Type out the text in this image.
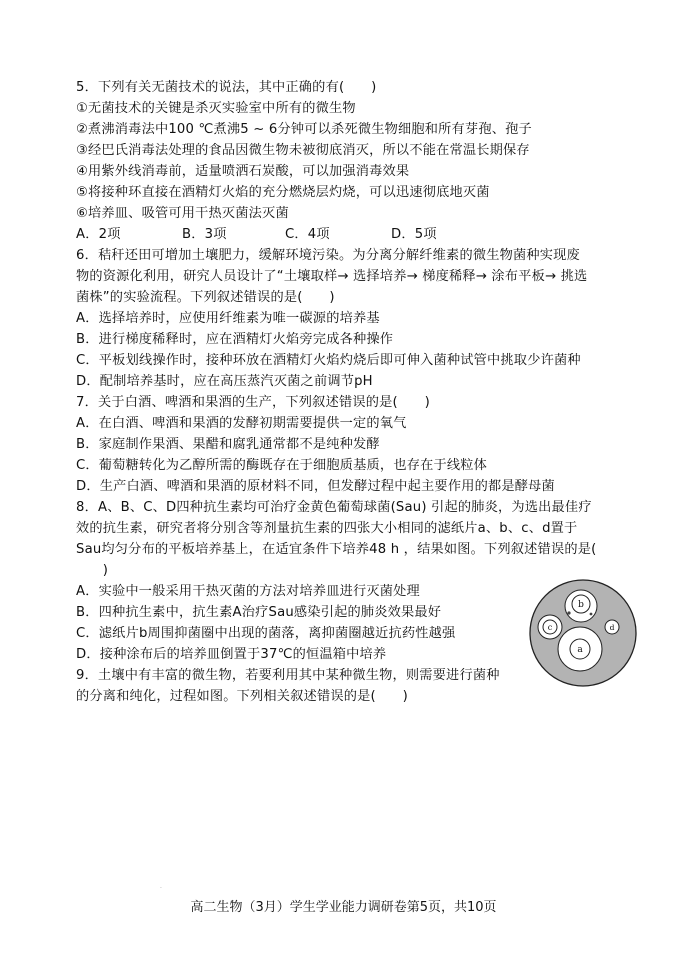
5．下列有关无菌技术的说法，其中正确的有(　　)
①无菌技术的关键是杀灭实验室中所有的微生物
②煮沸消毒法中100 ℃煮沸5 ~ 6分钟可以杀死微生物细胞和所有芽孢、孢子
③经巴氏消毒法处理的食品因微生物未被彻底消灭，所以不能在常温长期保存
④用紫外线消毒前，适量喷洒石炭酸，可以加强消毒效果
⑤将接种环直接在酒精灯火焰的充分燃烧层灼烧，可以迅速彻底地灭菌
⑥培养皿、吸管可用干热灭菌法灭菌
A．2项	B．3项	C．4项	D．5项
6．秸秆还田可增加土壤肥力，缓解环境污染。为分离分解纤维素的微生物菌种实现废
物的资源化利用，研究人员设计了“土壤取样→ 选择培养→ 梯度稀释→ 涂布平板→ 挑选
菌株”的实验流程。下列叙述错误的是(　　)
A．选择培养时，应使用纤维素为唯一碳源的培养基
B．进行梯度稀释时，应在酒精灯火焰旁完成各种操作
C．平板划线操作时，接种环放在酒精灯火焰灼烧后即可伸入菌种试管中挑取少许菌种
D．配制培养基时，应在高压蒸汽灭菌之前调节pH
7．关于白酒、啤酒和果酒的生产，下列叙述错误的是(　　)
A．在白酒、啤酒和果酒的发酵初期需要提供一定的氧气
B．家庭制作果酒、果醋和腐乳通常都不是纯种发酵
C．葡萄糖转化为乙醇所需的酶既存在于细胞质基质，也存在于线粒体
D．生产白酒、啤酒和果酒的原材料不同，但发酵过程中起主要作用的都是酵母菌
8．A、B、C、D四种抗生素均可治疗金黄色葡萄球菌(Sau) 引起的肺炎，为选出最佳疗
效的抗生素，研究者将分别含等剂量抗生素的四张大小相同的滤纸片a、b、c、d置于
Sau均匀分布的平板培养基上，在适宜条件下培养48 h ，结果如图。下列叙述错误的是(
　　)
A．实验中一般采用干热灭菌的方法对培养皿进行灭菌处理
B．四种抗生素中，抗生素A治疗Sau感染引起的肺炎效果最好
C．滤纸片b周围抑菌圈中出现的菌落，离抑菌圈越近抗药性越强
D．接种涂布后的培养皿倒置于37℃的恒温箱中培养
b
c	d
a
9．土壤中有丰富的微生物，若要利用其中某种微生物，则需要进行菌种
的分离和纯化，过程如图。下列相关叙述错误的是(　　)
.
高二生物（3月）学生学业能力调研卷第5页，共10页
